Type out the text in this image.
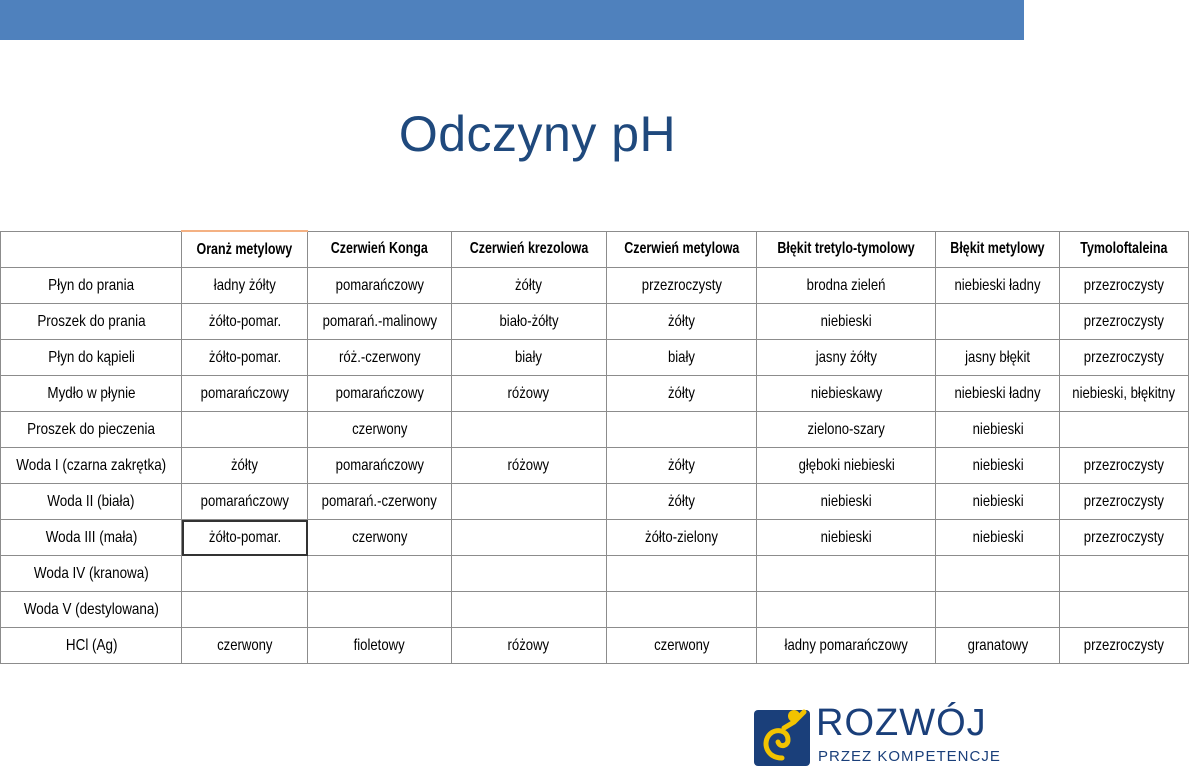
Odczyny pH
	Oranż metylowy	Czerwień Konga	Czerwień krezolowa	Czerwień metylowa	Błękit tretylo-tymolowy	Błękit metylowy	Tymoloftaleina
Płyn do prania	ładny żółty	pomarańczowy	żółty	przezroczysty	brodna zieleń	niebieski ładny	przezroczysty
Proszek do prania	żółto-pomar.	pomarań.-malinowy	biało-żółty	żółty	niebieski		przezroczysty
Płyn do kąpieli	żółto-pomar.	róż.-czerwony	biały	biały	jasny żółty	jasny błękit	przezroczysty
Mydło w płynie	pomarańczowy	pomarańczowy	różowy	żółty	niebieskawy	niebieski ładny	niebieski, błękitny
Proszek do pieczenia		czerwony			zielono-szary	niebieski	
Woda I (czarna zakrętka)	żółty	pomarańczowy	różowy	żółty	głęboki niebieski	niebieski	przezroczysty
Woda II (biała)	pomarańczowy	pomarań.-czerwony		żółty	niebieski	niebieski	przezroczysty
Woda III (mała)	żółto-pomar.	czerwony		żółto-zielony	niebieski	niebieski	przezroczysty
Woda IV (kranowa)							
Woda V (destylowana)							
HCl (Ag)	czerwony	fioletowy	różowy	czerwony	ładny pomarańczowy	granatowy	przezroczysty
ROZWÓJ
PRZEZ KOMPETENCJE
